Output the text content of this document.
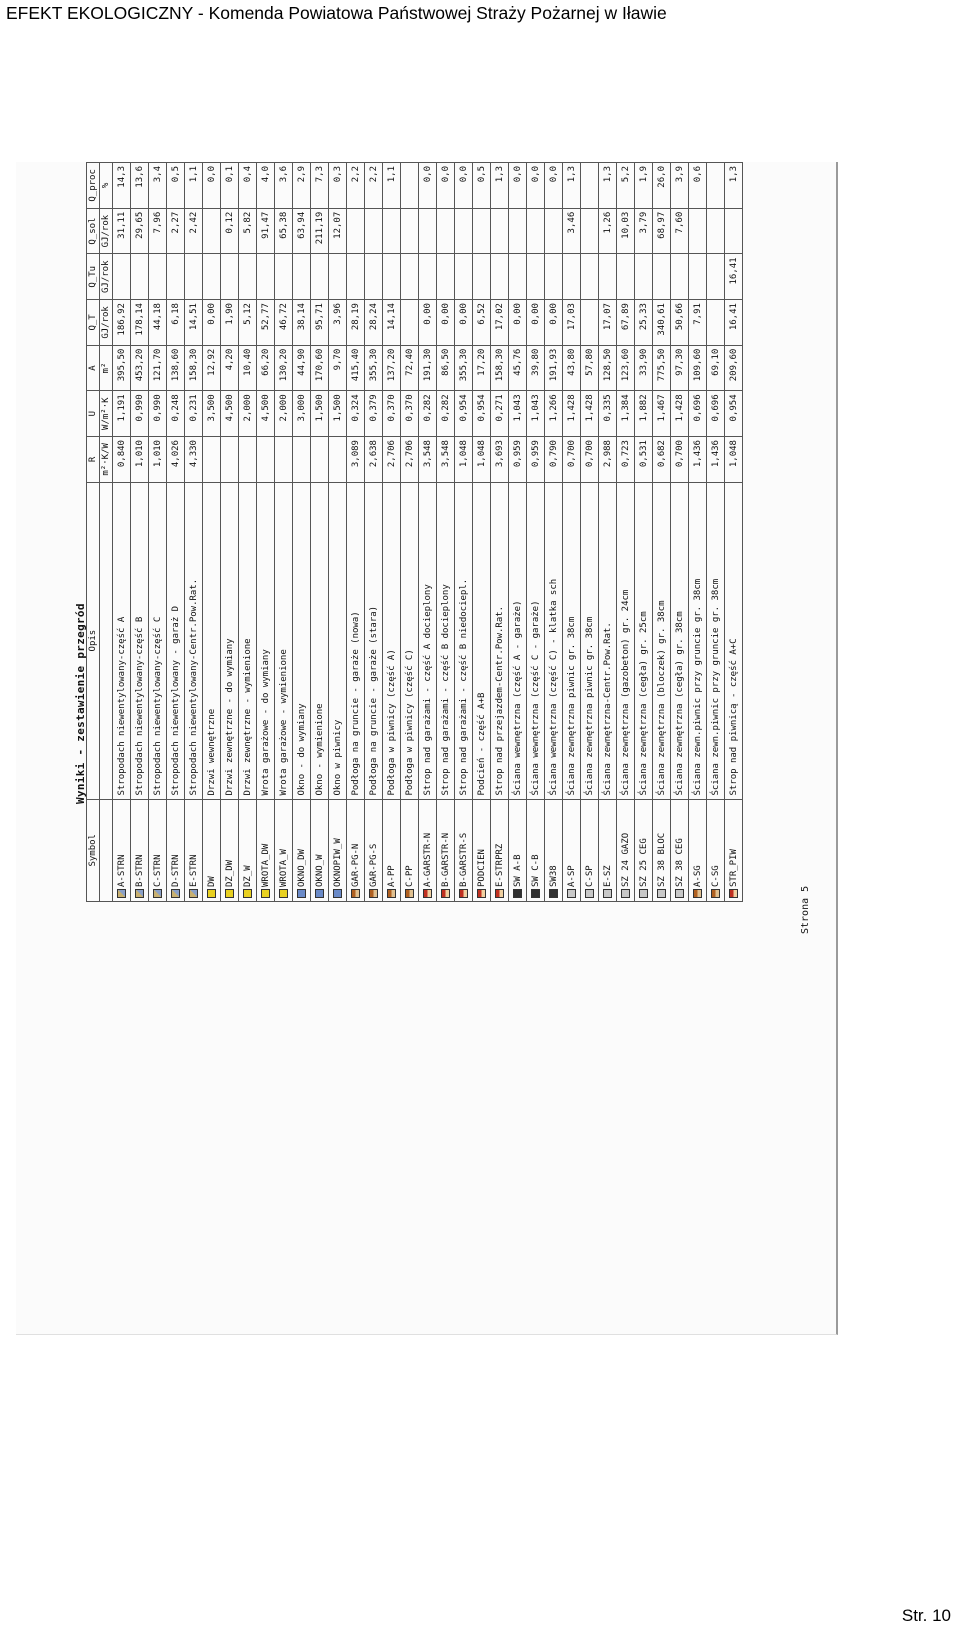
EFEKT EKOLOGICZNY - Komenda Powiatowa Państwowej Straży Pożarnej w Iławie
Wyniki - zestawienie przegród
Symbol	Opis	R	U	A	Q_T	Q_Tu	Q_sol	Q_proc
		m²·K/W	W/m²·K	m²	GJ/rok	GJ/rok	GJ/rok	%
A-STRN	Stropodach niewentylowany-część A	0,840	1,191	395,50	186,92		31,11	14,3
B-STRN	Stropodach niewentylowany-część B	1,010	0,990	453,20	178,14		29,65	13,6
C-STRN	Stropodach niewentylowany-część C	1,010	0,990	121,70	44,18		7,96	3,4
D-STRN	Stropodach niewentylowany - garaż D	4,026	0,248	138,60	6,18		2,27	0,5
E-STRN	Stropodach niewentylowany-Centr.Pow.Rat.	4,330	0,231	158,30	14,51		2,42	1,1
DW	Drzwi wewnętrzne		3,500	12,92	0,00			0,0
DZ_DW	Drzwi zewnętrzne - do wymiany		4,500	4,20	1,90		0,12	0,1
DZ_W	Drzwi zewnętrzne - wymienione		2,000	10,40	5,12		5,82	0,4
WROTA_DW	Wrota garażowe - do wymiany		4,500	66,20	52,77		91,47	4,0
WROTA_W	Wrota garażowe - wymienione		2,000	130,20	46,72		65,38	3,6
OKNO_DW	Okno - do wymiany		3,000	44,90	38,14		63,94	2,9
OKNO_W	Okno - wymienione		1,500	170,60	95,71		211,19	7,3
OKNOPIW_W	Okno w piwnicy		1,500	9,70	3,96		12,07	0,3
GAR-PG-N	Podłoga na gruncie - garaże (nowa)	3,089	0,324	415,40	28,19			2,2
GAR-PG-S	Podłoga na gruncie - garaże (stara)	2,638	0,379	355,30	28,24			2,2
A-PP	Podłoga w piwnicy (część A)	2,706	0,370	137,20	14,14			1,1
C-PP	Podłoga w piwnicy (część C)	2,706	0,370	72,40				
A-GARSTR-N	Strop nad garażami - część A docieplony	3,548	0,282	191,30	0,00			0,0
B-GARSTR-N	Strop nad garażami - część B docieplony	3,548	0,282	86,50	0,00			0,0
B-GARSTR-S	Strop nad garażami - część B niedociepl.	1,048	0,954	355,30	0,00			0,0
PODCIEN	Podcień - część A+B	1,048	0,954	17,20	6,52			0,5
E-STRPRZ	Strop nad przejazdem-Centr.Pow.Rat.	3,693	0,271	158,30	17,02			1,3
SW A-B	Ściana wewnętrzna (część A - garaże)	0,959	1,043	45,76	0,00			0,0
SW C-B	Ściana wewnętrzna (część C - garaże)	0,959	1,043	39,80	0,00			0,0
SW38	Ściana wewnętrzna (część C) - klatka sch	0,790	1,266	191,93	0,00			0,0
A-SP	Ściana zewnętrzna piwnic gr. 38cm	0,700	1,428	43,80	17,03		3,46	1,3
C-SP	Ściana zewnętrzna piwnic gr. 38cm	0,700	1,428	57,80				
E-SZ	Ściana zewnętrzna-Centr.Pow.Rat.	2,988	0,335	128,50	17,07		1,26	1,3
SZ 24 GAZO	Ściana zewnętrzna (gazobeton) gr. 24cm	0,723	1,384	123,60	67,89		10,03	5,2
SZ 25 CEG	Ściana zewnętrzna (cegła) gr. 25cm	0,531	1,882	33,90	25,33		3,79	1,9
SZ 38 BLOC	Ściana zewnętrzna (bloczek) gr. 38cm	0,682	1,467	775,50	340,61		68,97	26,0
SZ 38 CEG	Ściana zewnętrzna (cegła) gr. 38cm	0,700	1,428	97,30	50,66		7,60	3,9
A-SG	Ściana zewn.piwnic przy gruncie gr. 38cm	1,436	0,696	109,60	7,91			0,6
C-SG	Ściana zewn.piwnic przy gruncie gr. 38cm	1,436	0,696	69,10				
STR_PIW	Strop nad piwnicą - część A+C	1,048	0,954	209,60	16,41	16,41		1,3
Strona 5
Str. 10
